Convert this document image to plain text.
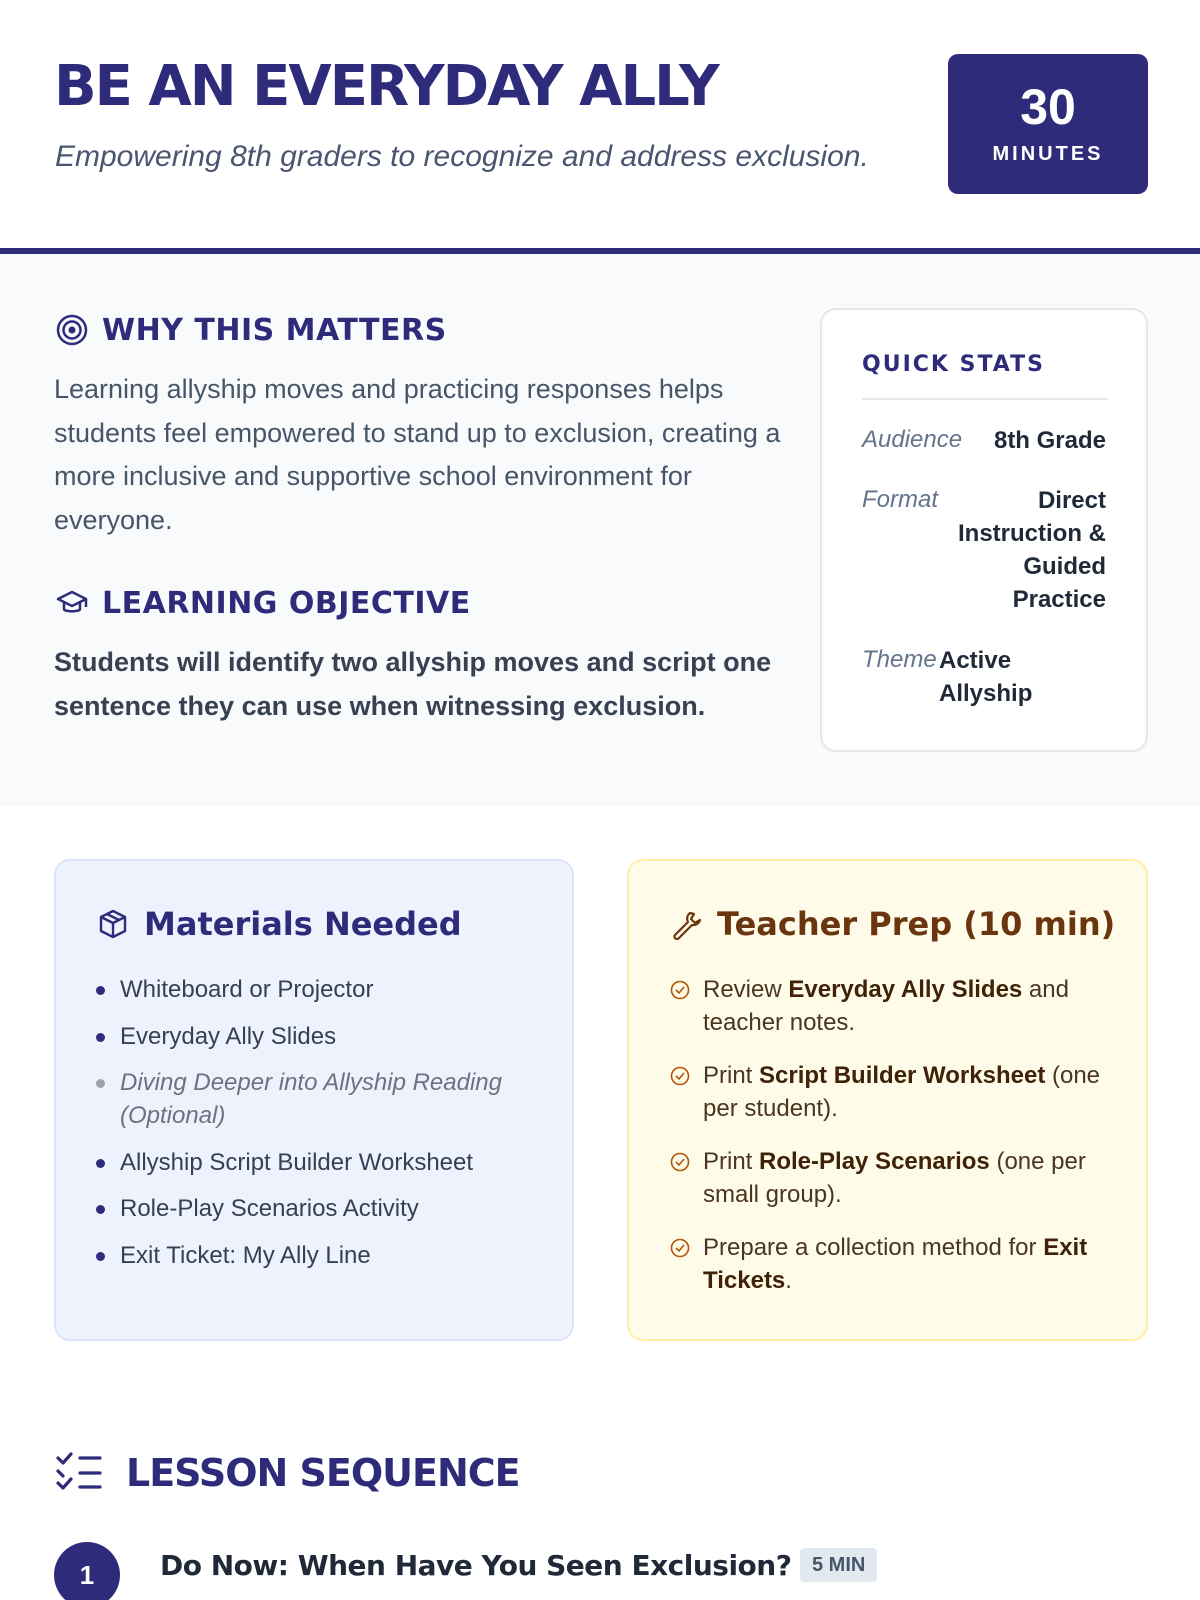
BE AN EVERYDAY ALLY
Empowering 8th graders to recognize and address exclusion.
30
MINUTES
WHY THIS MATTERS
Learning allyship moves and practicing responses helps students feel empowered to stand up to exclusion, creating a more inclusive and supportive school environment for everyone.
LEARNING OBJECTIVE
Students will identify two allyship moves and script one sentence they can use when witnessing exclusion.
QUICK STATS
Audience 8th Grade
Format	Direct
Instruction &
Guided
Practice
Theme Active
Allyship
Materials Needed
Whiteboard or Projector
Everyday Ally Slides
Diving Deeper into Allyship Reading
(Optional)
Allyship Script Builder Worksheet
Role-Play Scenarios Activity
Exit Ticket: My Ally Line
Teacher Prep (10 min)
Review Everyday Ally Slides and
teacher notes.
Print Script Builder Worksheet (one
per student).
Print Role-Play Scenarios (one per
small group).
Prepare a collection method for Exit
Tickets.
LESSON SEQUENCE
1	Do Now: When Have You Seen Exclusion?	5 MIN
